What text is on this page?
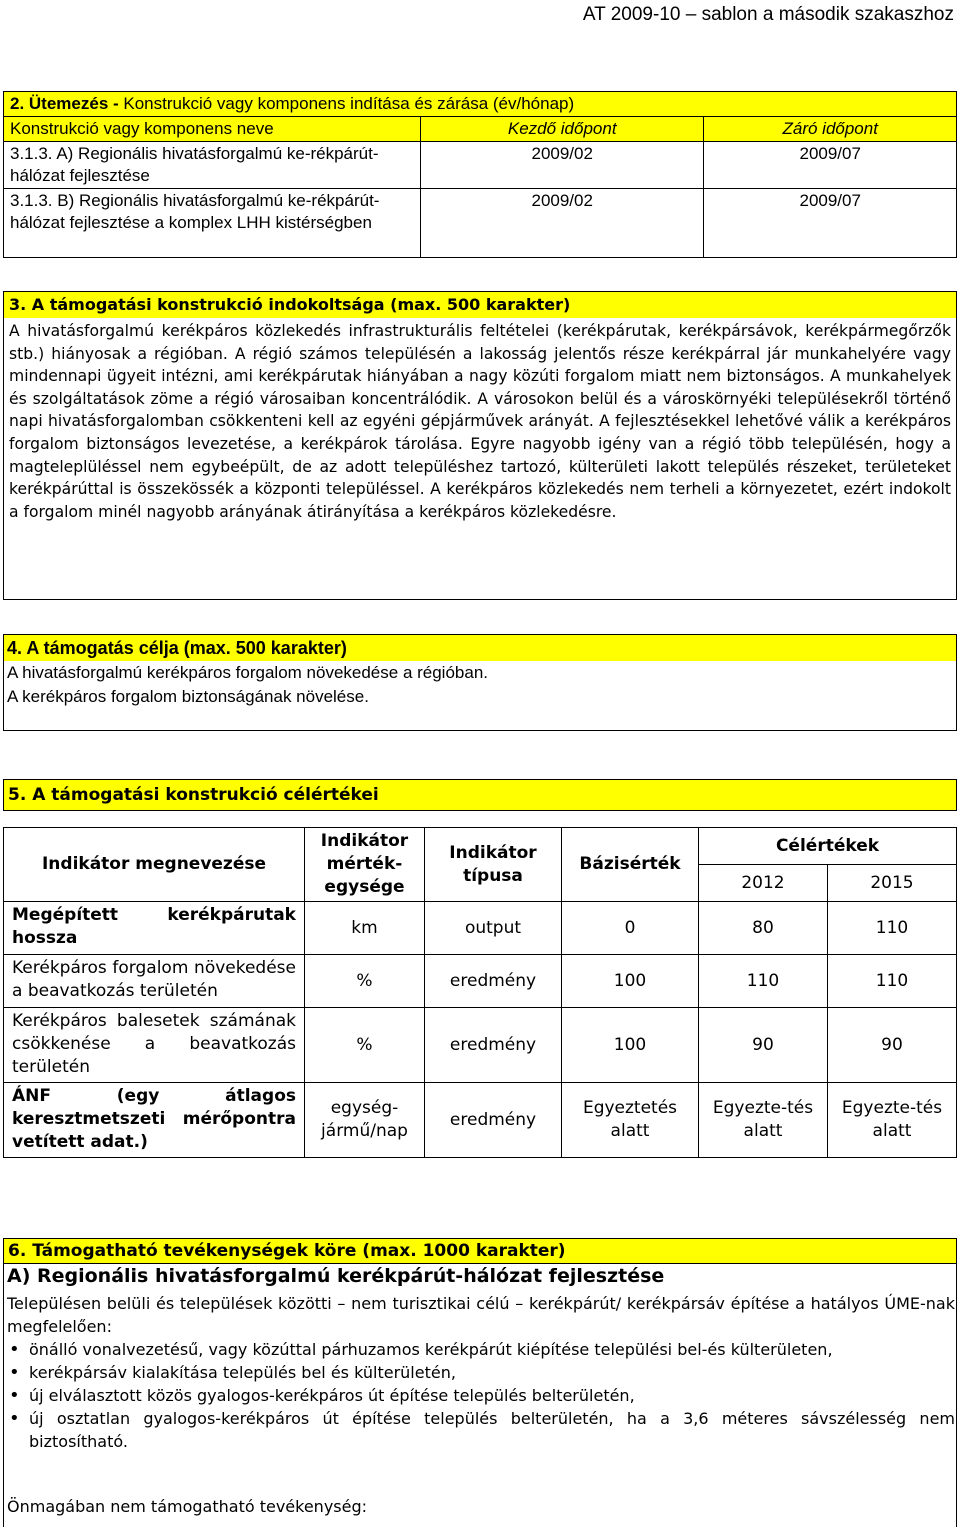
AT 2009-10 – sablon a második szakaszhoz
2. Ütemezés - Konstrukció vagy komponens indítása és zárása (év/hónap)		
Konstrukció vagy komponens neve	Kezdő időpont	Záró időpont
3.1.3. A) Regionális hivatásforgalmú ke-rékpárút-hálózat fejlesztése	2009/02	2009/07
3.1.3. B) Regionális hivatásforgalmú ke-rékpárút-hálózat fejlesztése a komplex LHH kistérségben	2009/02	2009/07
3. A támogatási konstrukció indokoltsága (max. 500 karakter)
A hivatásforgalmú kerékpáros közlekedés infrastrukturális feltételei (kerékpárutak, kerékpársávok, kerékpármegőrzők stb.) hiányosak a régióban. A régió számos településén a lakosság jelentős része kerékpárral jár munkahelyére vagy mindennapi ügyeit intézni, ami kerékpárutak hiányában a nagy közúti forgalom miatt nem biztonságos. A munkahelyek és szolgáltatások zöme a régió városaiban koncentrálódik. A városokon belül és a városkörnyéki településekről történő napi hivatásforgalomban csökkenteni kell az egyéni gépjárművek arányát. A fejlesztésekkel lehetővé válik a kerékpáros forgalom biztonságos levezetése, a kerékpárok tárolása. Egyre nagyobb igény van a régió több településén, hogy a magteleplüléssel nem egybeépült, de az adott településhez tartozó, külterületi lakott település részeket, területeket kerékpárúttal is összekössék a központi településsel. A kerékpáros közlekedés nem terheli a környezetet, ezért indokolt a forgalom minél nagyobb arányának átirányítása a kerékpáros közlekedésre.
4. A támogatás célja (max. 500 karakter)
A hivatásforgalmú kerékpáros forgalom növekedése a régióban.
A kerékpáros forgalom biztonságának növelése.
5. A támogatási konstrukció célértékei
Indikátor megnevezése	Indikátor mérték-egysége	Indikátor típusa	Bázisérték	Célértékek	
				2012	2015
Megépített kerékpárutak hossza	km	output	0	80	110
Kerékpáros forgalom növekedése a beavatkozás területén	%	eredmény	100	110	110
Kerékpáros balesetek számának csökkenése a beavatkozás területén	%	eredmény	100	90	90
ÁNF (egy átlagos keresztmetszeti mérőpontra vetített adat.)	egység-jármű/nap	eredmény	Egyeztetés alatt	Egyezte-tés alatt	Egyezte-tés alatt
6. Támogatható tevékenységek köre (max. 1000 karakter)
A) Regionális hivatásforgalmú kerékpárút-hálózat fejlesztése
Településen belüli és települések közötti – nem turisztikai célú – kerékpárút/ kerékpársáv építése a hatályos ÚME-nak megfelelően:
• önálló vonalvezetésű, vagy közúttal párhuzamos kerékpárút kiépítése települési bel-és külterületen,
• kerékpársáv kialakítása település bel és külterületén,
• új elválasztott közös gyalogos-kerékpáros út építése település belterületén,
• új osztatlan gyalogos-kerékpáros út építése település belterületén, ha a 3,6 méteres sávszélesség nem biztosítható.
Önmagában nem támogatható tevékenység:
